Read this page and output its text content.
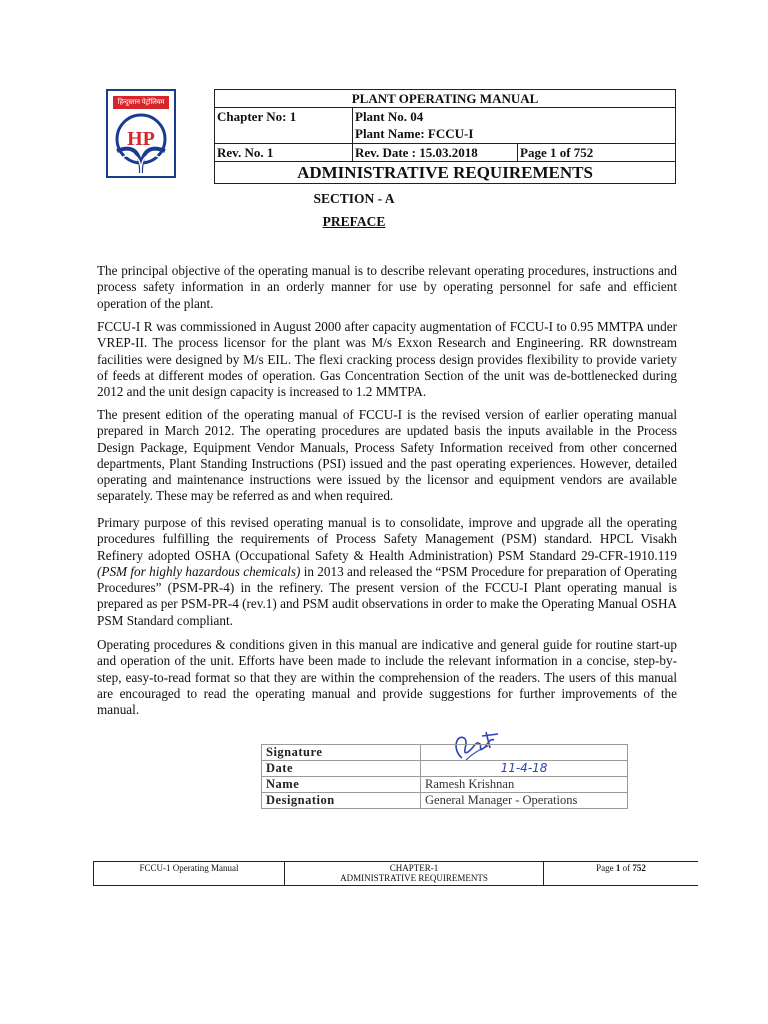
हिन्दुस्तान पेट्रोलियम
HP
PLANT OPERATING MANUAL		
Chapter No: 1	Plant No. 04
Plant Name: FCCU-I	

Rev. No. 1	Rev. Date : 15.03.2018	Page 1 of 752
ADMINISTRATIVE REQUIREMENTS		
SECTION - A
PREFACE
The principal objective of the operating manual is to describe relevant operating procedures, instructions and process safety information in an orderly manner for use by operating personnel for safe and efficient operation of the plant.
FCCU-I R was commissioned in August 2000 after capacity augmentation of FCCU-I to 0.95 MMTPA under VREP-II. The process licensor for the plant was M/s Exxon Research and Engineering. RR downstream facilities were designed by M/s EIL. The flexi cracking process design provides flexibility to provide variety of feeds at different modes of operation. Gas Concentration Section of the unit was de-bottlenecked during 2012 and the unit design capacity is increased to 1.2 MMTPA.
The present edition of the operating manual of FCCU-I is the revised version of earlier operating manual prepared in March 2012. The operating procedures are updated basis the inputs available in the Process Design Package, Equipment Vendor Manuals, Process Safety Information received from other concerned departments, Plant Standing Instructions (PSI) issued and the past operating experiences. However, detailed operating and maintenance instructions were issued by the licensor and equipment vendors are available separately. These may be referred as and when required.
Primary purpose of this revised operating manual is to consolidate, improve and upgrade all the operating procedures fulfilling the requirements of Process Safety Management (PSM) standard. HPCL Visakh Refinery adopted OSHA (Occupational Safety & Health Administration) PSM Standard 29-CFR-1910.119 (PSM for highly hazardous chemicals) in 2013 and released the “PSM Procedure for preparation of Operating Procedures” (PSM-PR-4) in the refinery. The present version of the FCCU-I Plant operating manual is prepared as per PSM-PR-4 (rev.1) and PSM audit observations in order to make the Operating Manual OSHA PSM Standard compliant.
Operating procedures & conditions given in this manual are indicative and general guide for routine start-up and operation of the unit. Efforts have been made to include the relevant information in a concise, step-by-step, easy-to-read format so that they are within the comprehension of the readers. The users of this manual are encouraged to read the operating manual and provide suggestions for further improvements of the manual.
Signature	
Date	11-4-18
Name	Ramesh Krishnan
Designation	General Manager - Operations
FCCU-1 Operating Manual	CHAPTER-1
ADMINISTRATIVE REQUIREMENTS
	Page 1 of 752
